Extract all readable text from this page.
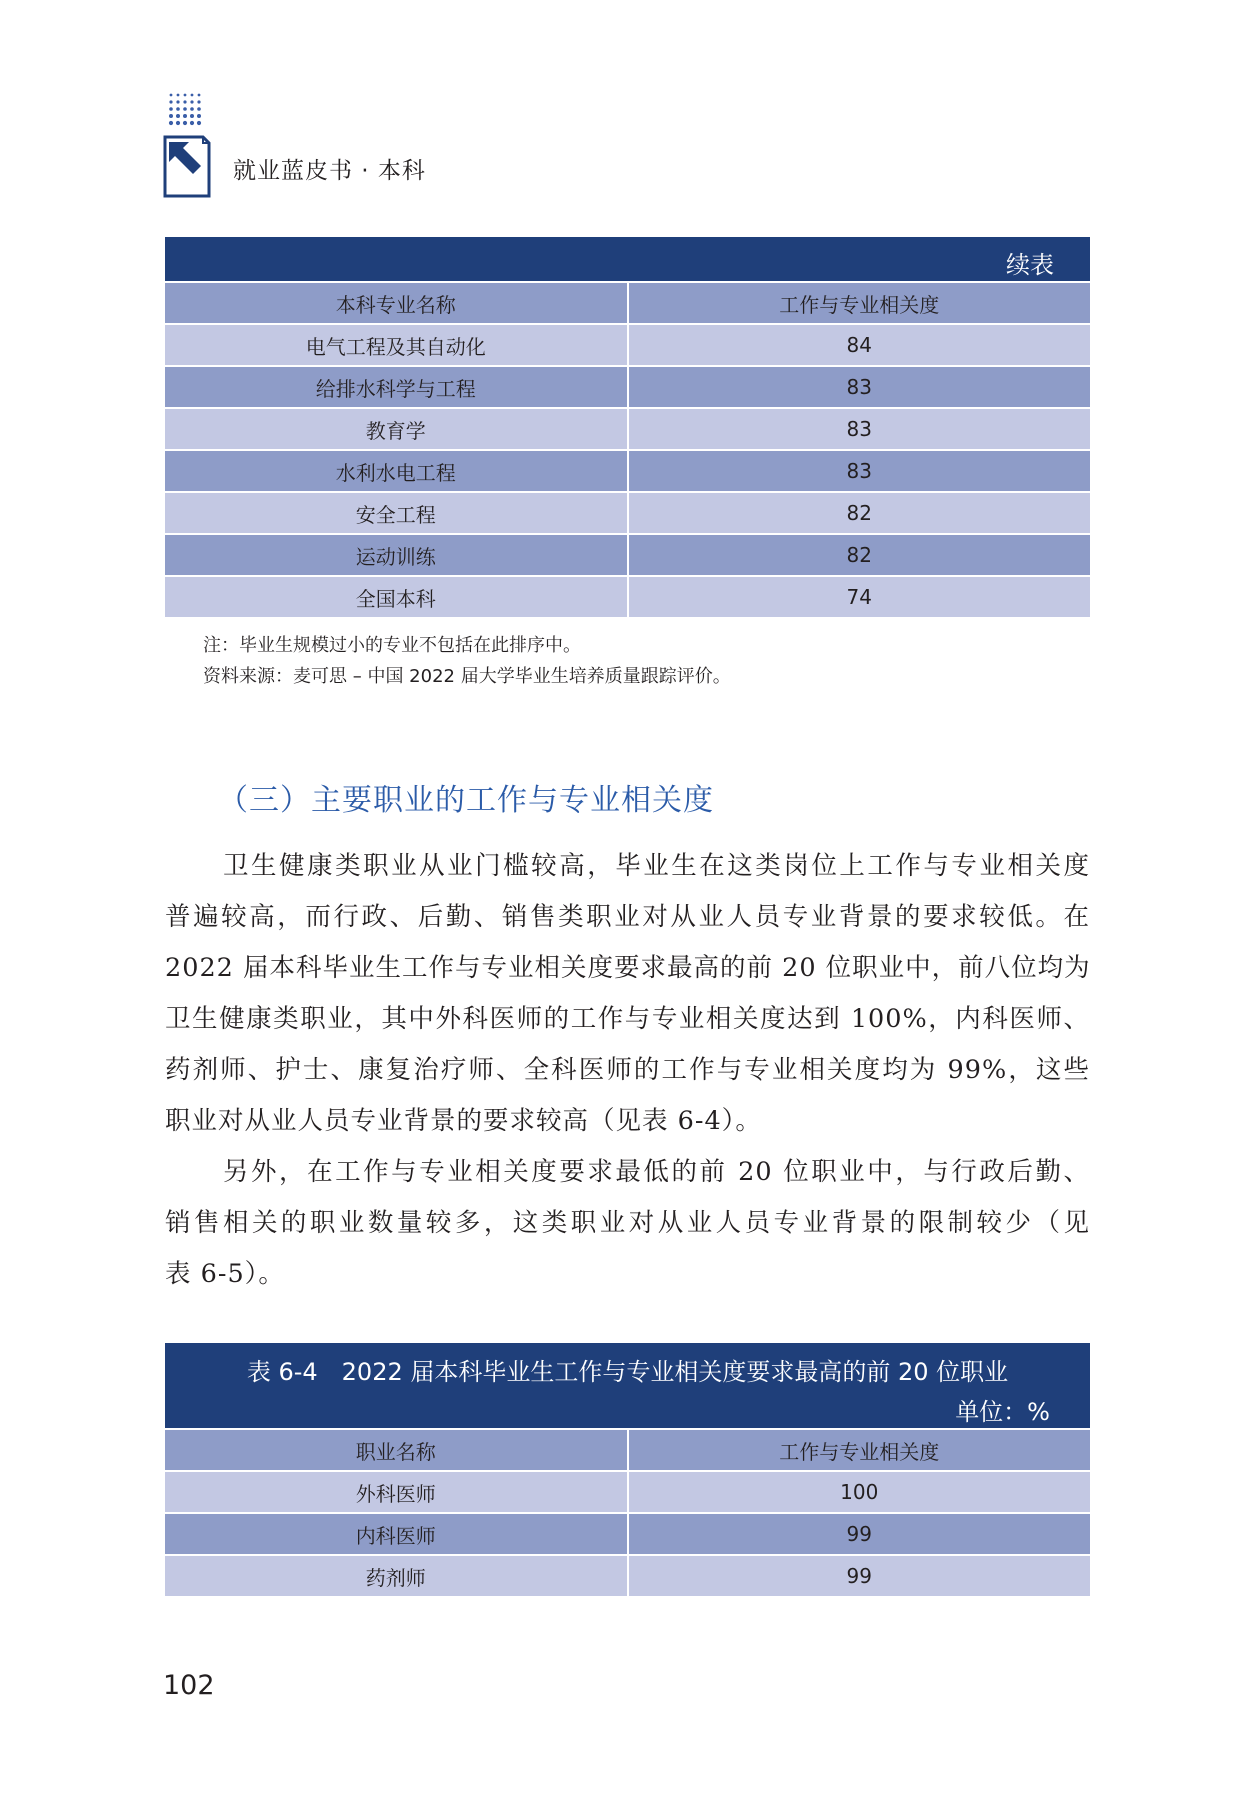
就业蓝皮书 · 本科
续表
本科专业名称	工作与专业相关度
电气工程及其自动化	84
给排水科学与工程	83
教育学	83
水利水电工程	83
安全工程	82
运动训练	82
全国本科	74
注：毕业生规模过小的专业不包括在此排序中。
资料来源：麦可思 – 中国 2022 届大学毕业生培养质量跟踪评价。
（三）主要职业的工作与专业相关度
卫生健康类职业从业门槛较高，毕业生在这类岗位上工作与专业相关度
普遍较高，而行政、后勤、销售类职业对从业人员专业背景的要求较低。在
2022 届本科毕业生工作与专业相关度要求最高的前 20 位职业中，前八位均为
卫生健康类职业，其中外科医师的工作与专业相关度达到 100%，内科医师、
药剂师、护士、康复治疗师、全科医师的工作与专业相关度均为 99%，这些
职业对从业人员专业背景的要求较高（见表 6-4）。
另外，在工作与专业相关度要求最低的前 20 位职业中，与行政后勤、
销售相关的职业数量较多，这类职业对从业人员专业背景的限制较少（见
表 6-5）。
表 6-4　2022 届本科毕业生工作与专业相关度要求最高的前 20 位职业
单位：%
职业名称	工作与专业相关度
外科医师	100
内科医师	99
药剂师	99
102
